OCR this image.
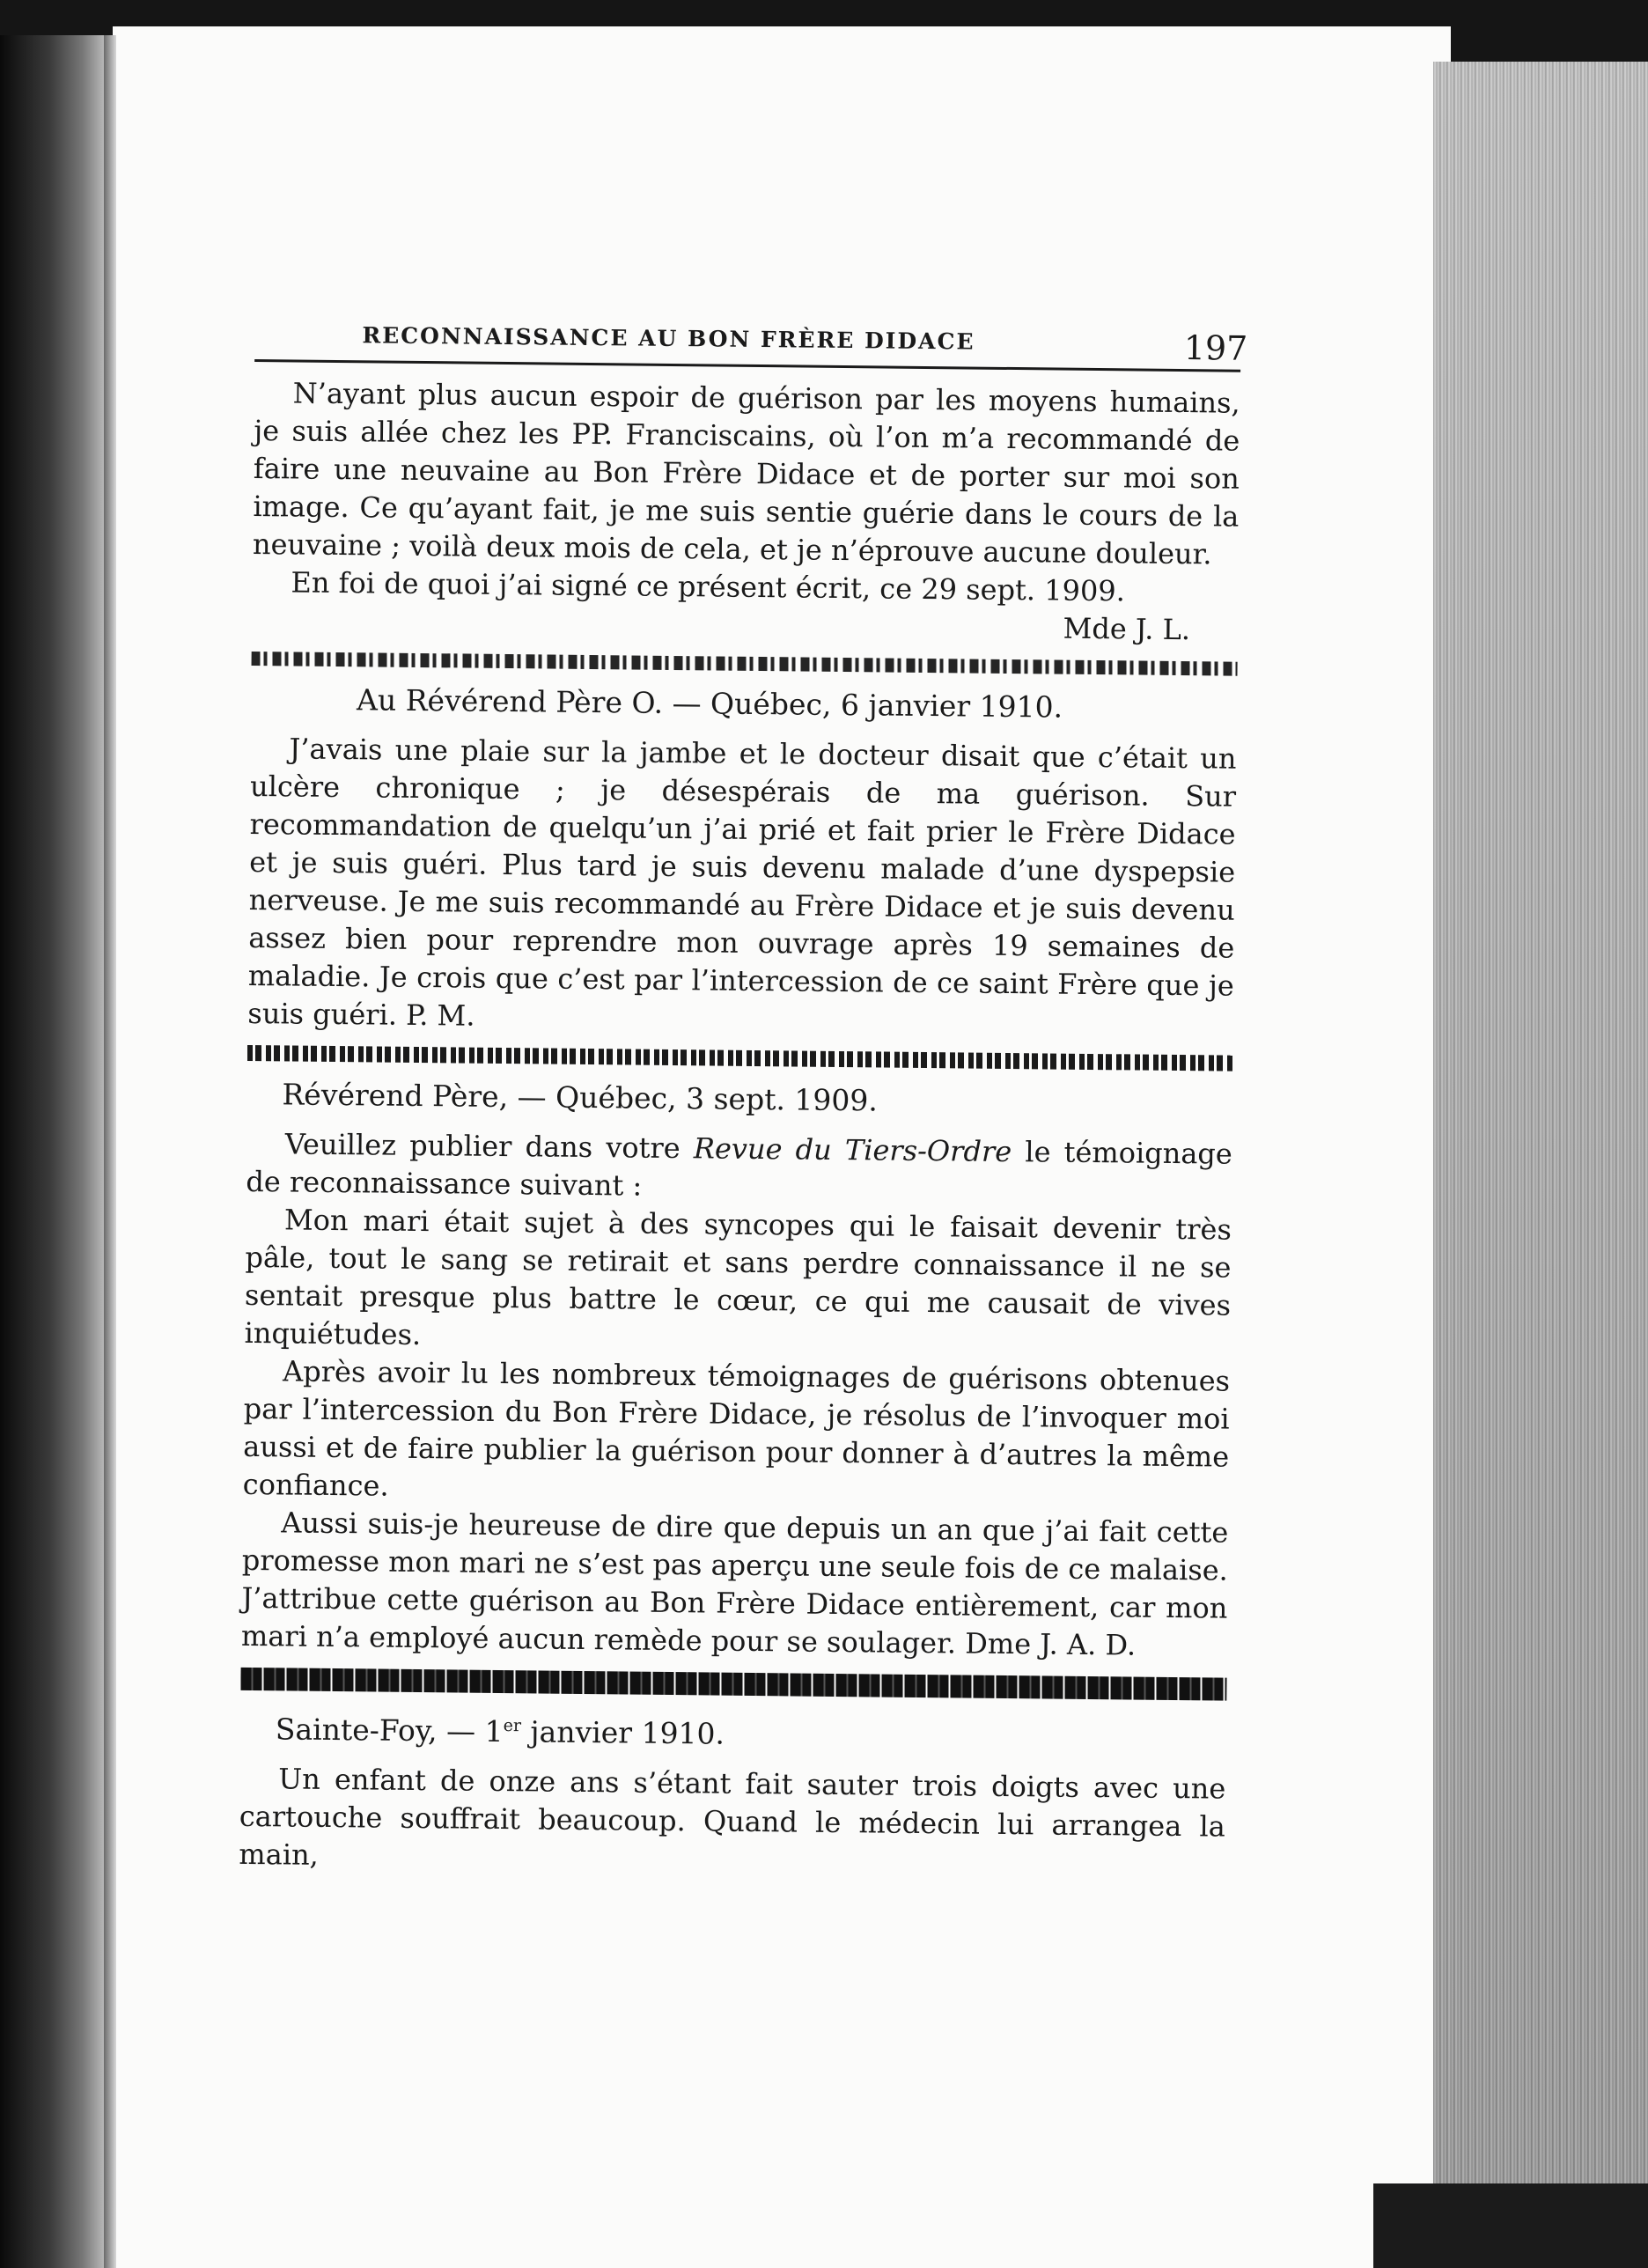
RECONNAISSANCE AU BON FRÈRE DIDACE	197

N’ayant plus aucun espoir de guérison par les moyens humains, je suis allée chez les PP. Franciscains, où l’on m’a recommandé de faire une neuvaine au Bon Frère Didace et de porter sur moi son image. Ce qu’ayant fait, je me suis sentie guérie dans le cours de la neuvaine ; voilà deux mois de cela, et je n’éprouve aucune douleur.

En foi de quoi j’ai signé ce présent écrit, ce 29 sept. 1909.

Mde J. L.

Au Révérend Père O. — Québec, 6 janvier 1910.

J’avais une plaie sur la jambe et le docteur disait que c’était un ulcère chronique ; je désespérais de ma guérison. Sur recommandation de quelqu’un j’ai prié et fait prier le Frère Didace et je suis guéri. Plus tard je suis devenu malade d’une dyspepsie nerveuse. Je me suis recommandé au Frère Didace et je suis devenu assez bien pour reprendre mon ouvrage après 19 semaines de maladie. Je crois que c’est par l’intercession de ce saint Frère que je suis guéri. P. M.

Révérend Père, — Québec, 3 sept. 1909.

Veuillez publier dans votre Revue du Tiers-Ordre le témoignage de reconnaissance suivant :

Mon mari était sujet à des syncopes qui le faisait devenir très pâle, tout le sang se retirait et sans perdre connaissance il ne se sentait presque plus battre le cœur, ce qui me causait de vives inquiétudes.

Après avoir lu les nombreux témoignages de guérisons obtenues par l’intercession du Bon Frère Didace, je résolus de l’invoquer moi aussi et de faire publier la guérison pour donner à d’autres la même confiance.

Aussi suis-je heureuse de dire que depuis un an que j’ai fait cette promesse mon mari ne s’est pas aperçu une seule fois de ce malaise. J’attribue cette guérison au Bon Frère Didace entièrement, car mon mari n’a employé aucun remède pour se soulager. Dme J. A. D.

Sainte-Foy, — 1er janvier 1910.

Un enfant de onze ans s’étant fait sauter trois doigts avec une cartouche souffrait beaucoup. Quand le médecin lui arrangea la main,
